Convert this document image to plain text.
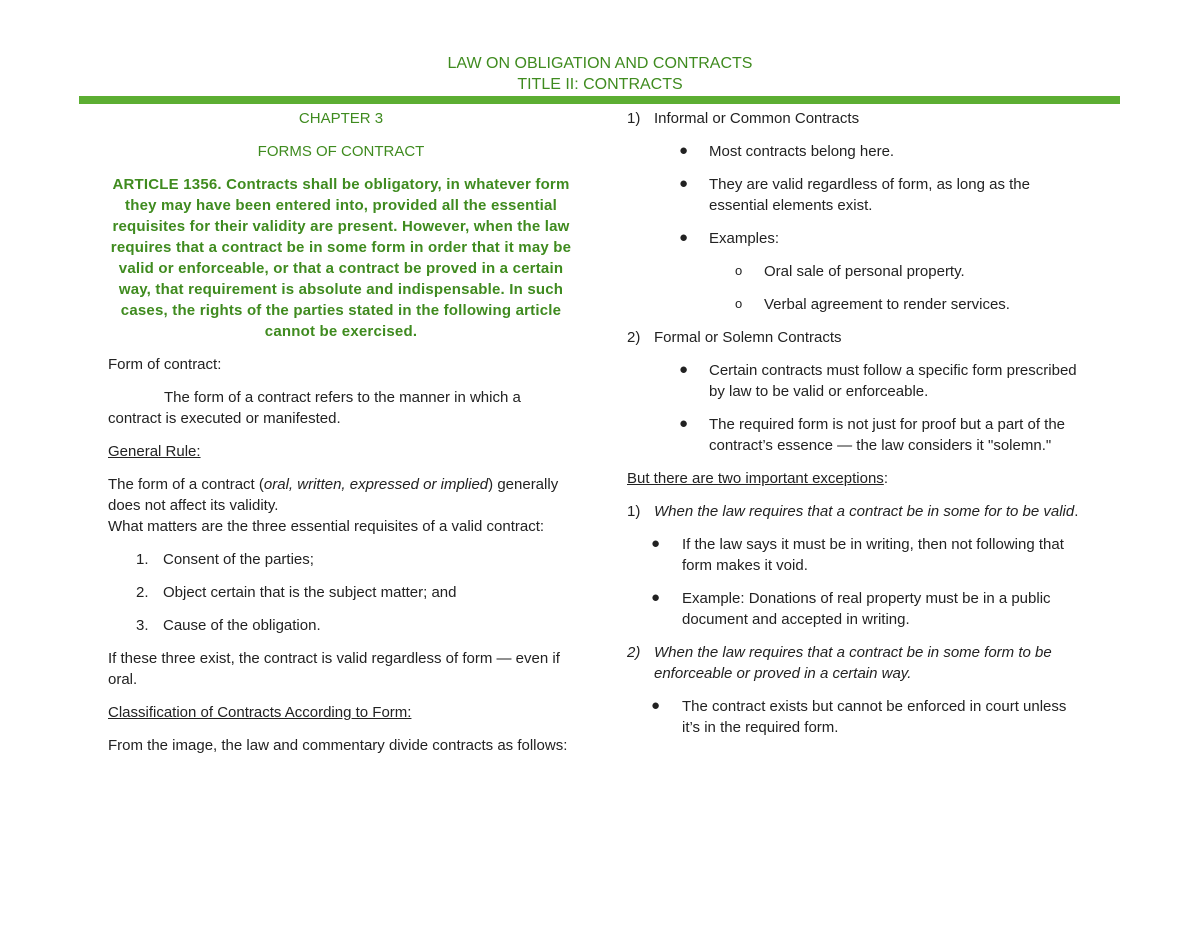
LAW ON OBLIGATION AND CONTRACTS
TITLE II: CONTRACTS

CHAPTER 3

FORMS OF CONTRACT

ARTICLE 1356. Contracts shall be obligatory, in whatever form they may have been entered into, provided all the essential requisites for their validity are present. However, when the law requires that a contract be in some form in order that it may be valid or enforceable, or that a contract be proved in a certain way, that requirement is absolute and indispensable. In such cases, the rights of the parties stated in the following article cannot be exercised.

Form of contract:

The form of a contract refers to the manner in which a contract is executed or manifested.

General Rule:

The form of a contract (oral, written, expressed or implied) generally does not affect its validity.
What matters are the three essential requisites of a valid contract:

1. Consent of the parties;
2. Object certain that is the subject matter; and
3. Cause of the obligation.

If these three exist, the contract is valid regardless of form — even if oral.

Classification of Contracts According to Form:

From the image, the law and commentary divide contracts as follows:

1) Informal or Common Contracts
● Most contracts belong here.
● They are valid regardless of form, as long as the essential elements exist.
● Examples:
o Oral sale of personal property.
o Verbal agreement to render services.
2) Formal or Solemn Contracts
● Certain contracts must follow a specific form prescribed by law to be valid or enforceable.
● The required form is not just for proof but a part of the contract’s essence — the law considers it "solemn."

But there are two important exceptions:

1) When the law requires that a contract be in some for to be valid.
● If the law says it must be in writing, then not following that form makes it void.
● Example: Donations of real property must be in a public document and accepted in writing.
2) When the law requires that a contract be in some form to be enforceable or proved in a certain way.
● The contract exists but cannot be enforced in court unless it’s in the required form.
